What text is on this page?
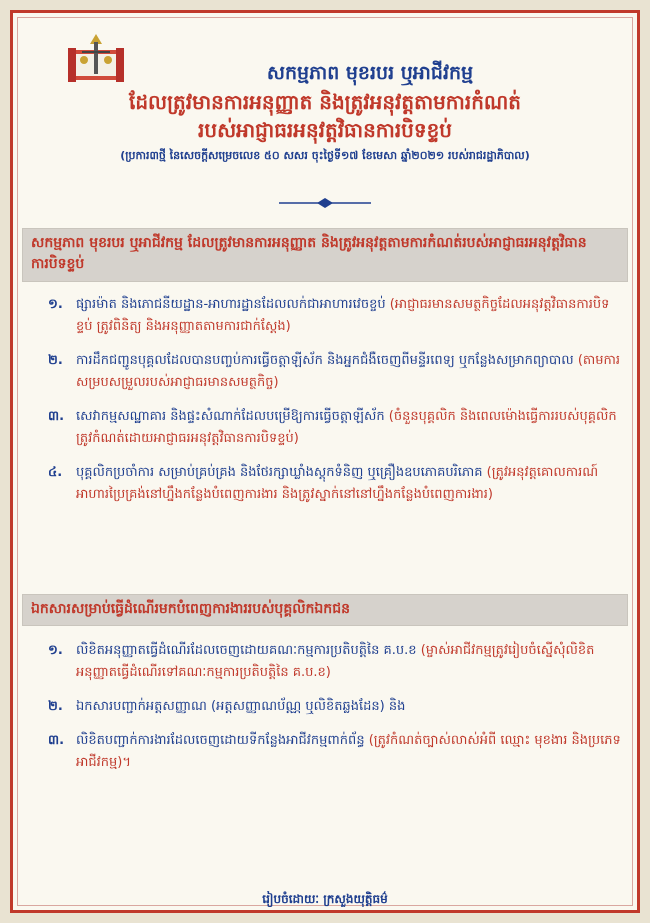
សកម្មភាព មុខរបរ ឬអាជីវកម្ម
ដែលត្រូវមានការអនុញ្ញាត និងត្រូវអនុវត្តតាមការកំណត់
របស់អាជ្ញាធរអនុវត្តវិធានការបិទខ្ទប់
(ប្រការ៣ថ្មី នៃសេចក្តីសម្រេចលេខ ៥០ សសរ ចុះថ្ងៃទី១៧ ខែមេសា ឆ្នាំ២០២១ របស់រាជរដ្ឋាភិបាល)
សកម្មភាព មុខរបរ ឬអាជីវកម្ម ដែលត្រូវមានការអនុញ្ញាត និងត្រូវអនុវត្តតាមការកំណត់របស់អាជ្ញាធរអនុវត្តវិធានការបិទខ្ទប់
១.	ផ្សារម៉ាត និងភោជនីយដ្ឋាន-អាហារដ្ឋានដែលលក់ជាអាហារវេចខ្ចប់ (អាជ្ញាធរមានសមត្ថកិច្ចដែលអនុវត្តវិធានការបិទខ្ទប់ ត្រូវពិនិត្យ និងអនុញ្ញាតតាមការជាក់ស្តែង)
២.	ការដឹកជញ្ជូនបុគ្គលដែលបានបញ្ចប់ការធ្វើចត្តាឡីស័ក និងអ្នកជំងឺចេញពីមន្ទីរពេទ្យ ឬកន្លែងសម្រាកព្យាបាល (តាមការសម្របសម្រួលរបស់អាជ្ញាធរមានសមត្ថកិច្ច)
៣. សេវាកម្មសណ្ឋាគារ និងផ្ទះសំណាក់ដែលបម្រើឱ្យការធ្វើចត្តាឡីស័ក (ចំនួនបុគ្គលិក និងពេលម៉ោងធ្វើការរបស់បុគ្គលិកត្រូវកំណត់ដោយអាជ្ញាធរអនុវត្តវិធានការបិទខ្ទប់)
៤.	បុគ្គលិកប្រចាំការ សម្រាប់គ្រប់គ្រង និងថែរក្សាឃ្លាំងស្តុកទំនិញ ឬគ្រឿងឧបភោគបរិភោគ (ត្រូវអនុវត្តគោលការណ៍អាហារប្រៃគ្រង់នៅហ្នឹងកន្លែងបំពេញការងារ និងត្រូវស្នាក់នៅនៅហ្នឹងកន្លែងបំពេញការងារ)
ឯកសារសម្រាប់ធ្វើដំណើរមកបំពេញការងាររបស់បុគ្គលិកឯកជន
១.	លិខិតអនុញ្ញាតធ្វើដំណើរដែលចេញដោយគណៈកម្មការប្រតិបត្តិនៃ គ.ប.ខ (ម្ចាស់អាជីវកម្មត្រូវរៀបចំស្នើសុំលិខិតអនុញ្ញាតធ្វើដំណើរទៅគណៈកម្មការប្រតិបត្តិនៃ គ.ប.ខ)
២.	ឯកសារបញ្ជាក់អត្តសញ្ញាណ (អត្តសញ្ញាណប័ណ្ណ ឬលិខិតឆ្លងដែន) និង
៣. លិខិតបញ្ជាក់ការងារដែលចេញដោយទីកន្លែងអាជីវកម្មពាក់ព័ន្ធ (ត្រូវកំណត់ច្បាស់លាស់អំពី ឈ្មោះ មុខងារ និងប្រភេទអាជីវកម្ម)។
រៀបចំដោយៈ ក្រសួងយុត្តិធម៌
